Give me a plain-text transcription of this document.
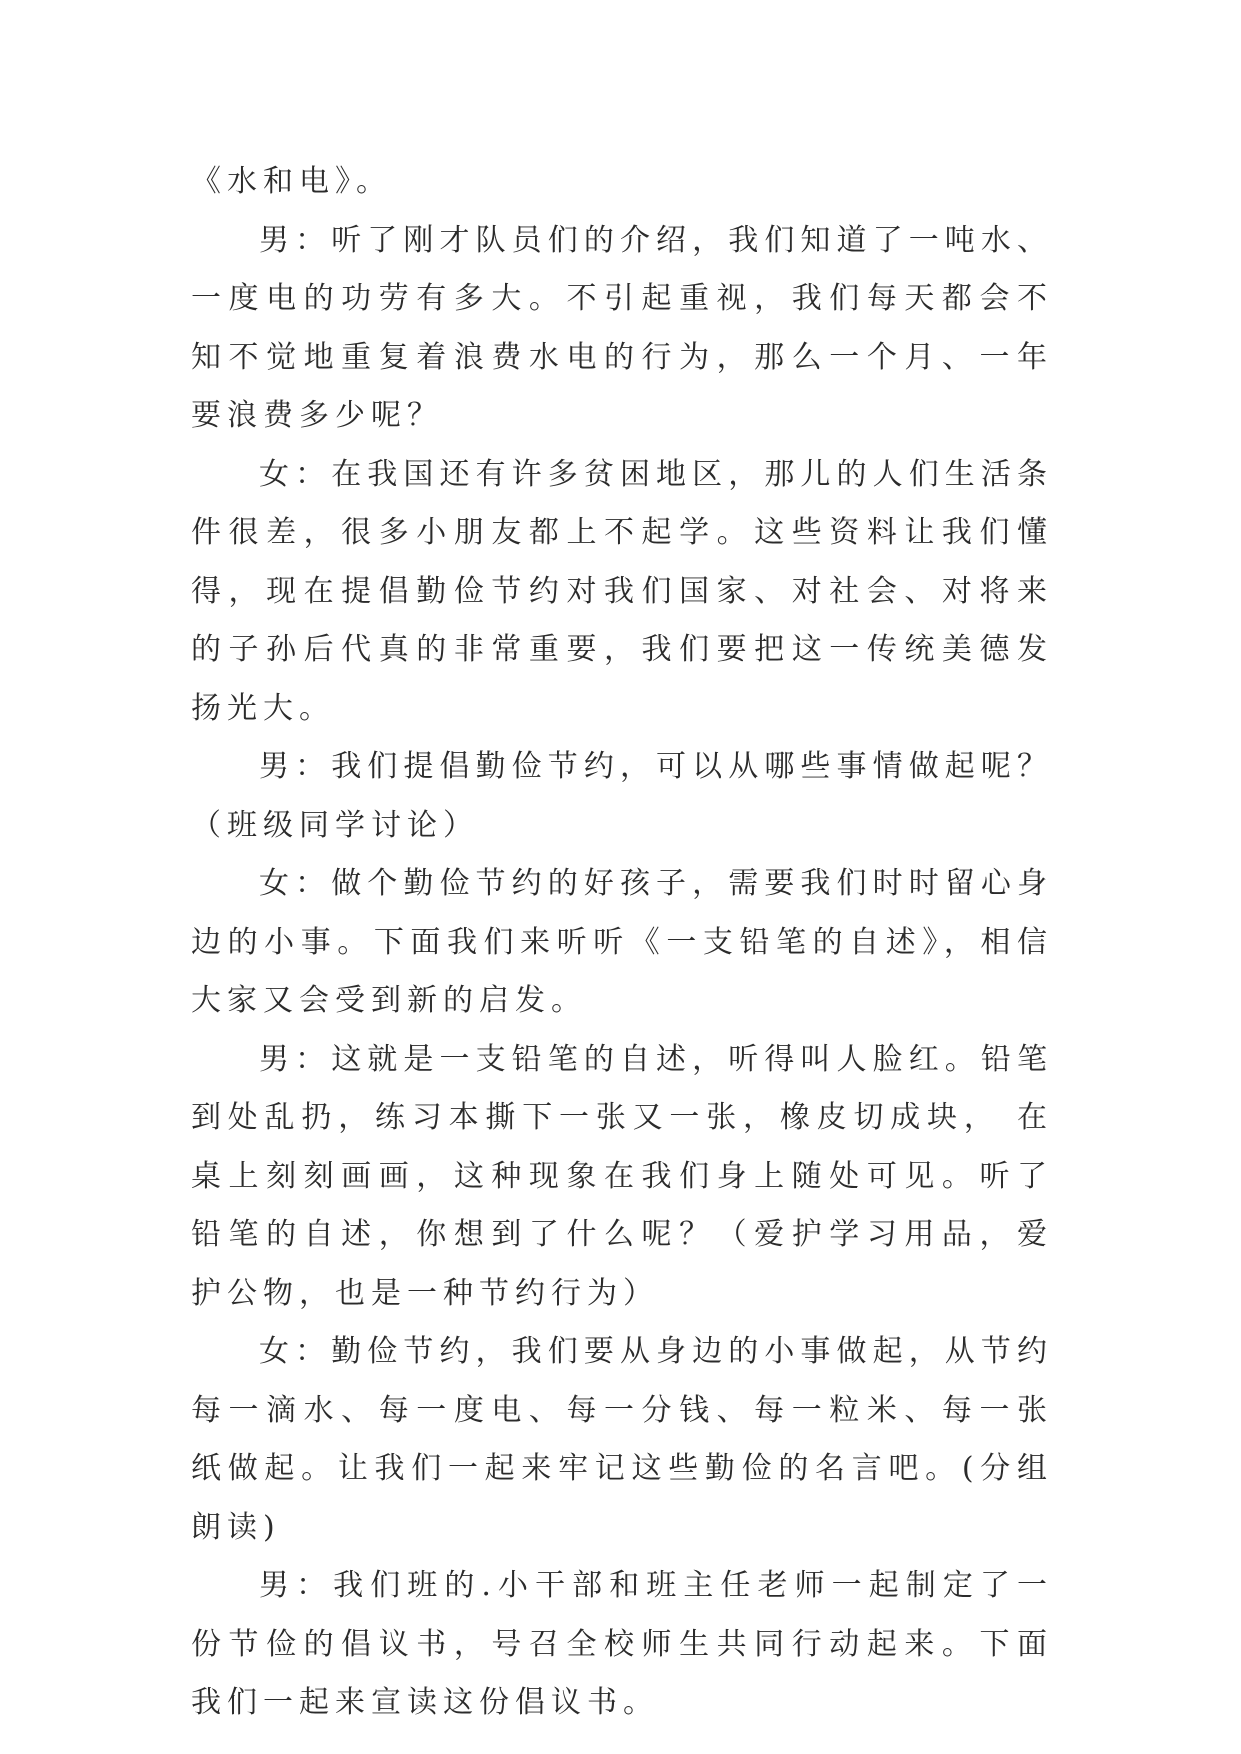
《水和电》。

男：听了刚才队员们的介绍，我们知道了一吨水、一度电的功劳有多大。不引起重视，我们每天都会不知不觉地重复着浪费水电的行为，那么一个月、一年要浪费多少呢？

女：在我国还有许多贫困地区，那儿的人们生活条件很差，很多小朋友都上不起学。这些资料让我们懂得，现在提倡勤俭节约对我们国家、对社会、对将来的子孙后代真的非常重要，我们要把这一传统美德发扬光大。

男：我们提倡勤俭节约，可以从哪些事情做起呢？（班级同学讨论）

女：做个勤俭节约的好孩子，需要我们时时留心身边的小事。下面我们来听听《一支铅笔的自述》，相信大家又会受到新的启发。

男：这就是一支铅笔的自述，听得叫人脸红。铅笔到处乱扔，练习本撕下一张又一张，橡皮切成块， 在桌上刻刻画画，这种现象在我们身上随处可见。听了铅笔的自述，你想到了什么呢？（爱护学习用品，爱护公物，也是一种节约行为）

女：勤俭节约，我们要从身边的小事做起，从节约每一滴水、每一度电、每一分钱、每一粒米、每一张纸做起。让我们一起来牢记这些勤俭的名言吧。(分组朗读)

男：我们班的.小干部和班主任老师一起制定了一份节俭的倡议书，号召全校师生共同行动起来。下面我们一起来宣读这份倡议书。
